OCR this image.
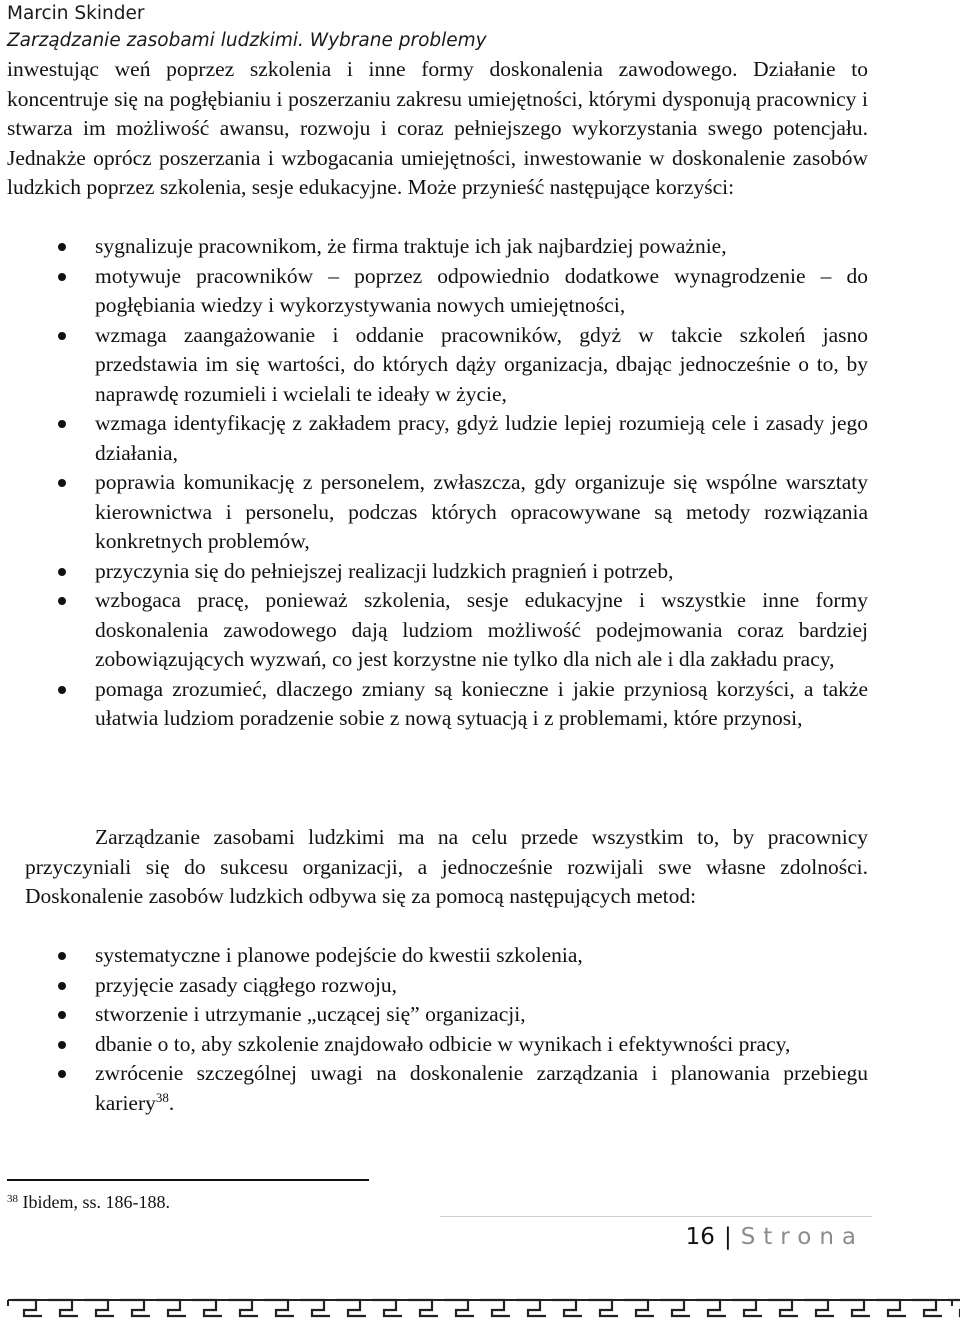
Marcin Skinder
Zarządzanie zasobami ludzkimi. Wybrane problemy

inwestując weń poprzez szkolenia i inne formy doskonalenia zawodowego. Działanie to koncentruje się na pogłębianiu i poszerzaniu zakresu umiejętności, którymi dysponują pracownicy i stwarza im możliwość awansu, rozwoju i coraz pełniejszego wykorzystania swego potencjału. Jednakże oprócz poszerzania i wzbogacania umiejętności, inwestowanie w doskonalenie zasobów ludzkich poprzez szkolenia, sesje edukacyjne. Może przynieść następujące korzyści:

sygnalizuje pracownikom, że firma traktuje ich jak najbardziej poważnie,
motywuje pracowników – poprzez odpowiednio dodatkowe wynagrodzenie – do pogłębiania wiedzy i wykorzystywania nowych umiejętności,
wzmaga zaangażowanie i oddanie pracowników, gdyż w takcie szkoleń jasno przedstawia im się wartości, do których dąży organizacja, dbając jednocześnie o to, by naprawdę rozumieli i wcielali te ideały w życie,
wzmaga identyfikację z zakładem pracy, gdyż ludzie lepiej rozumieją cele i zasady jego działania,
poprawia komunikację z personelem, zwłaszcza, gdy organizuje się wspólne warsztaty kierownictwa i personelu, podczas których opracowywane są metody rozwiązania konkretnych problemów,
przyczynia się do pełniejszej realizacji ludzkich pragnień i potrzeb,
wzbogaca pracę, ponieważ szkolenia, sesje edukacyjne i wszystkie inne formy doskonalenia zawodowego dają ludziom możliwość podejmowania coraz bardziej zobowiązujących wyzwań, co jest korzystne nie tylko dla nich ale i dla zakładu pracy,
pomaga zrozumieć, dlaczego zmiany są konieczne i jakie przyniosą korzyści, a także ułatwia ludziom poradzenie sobie z nową sytuacją i z problemami, które przynosi,

Zarządzanie zasobami ludzkimi ma na celu przede wszystkim to, by pracownicy przyczyniali się do sukcesu organizacji, a jednocześnie rozwijali swe własne zdolności. Doskonalenie zasobów ludzkich odbywa się za pomocą następujących metod:

systematyczne i planowe podejście do kwestii szkolenia,
przyjęcie zasady ciągłego rozwoju,
stworzenie i utrzymanie „uczącej się” organizacji,
dbanie o to, aby szkolenie znajdowało odbicie w wynikach i efektywności pracy,
zwrócenie szczególnej uwagi na doskonalenie zarządzania i planowania przebiegu kariery$^{38}$.
$^{38}$ Ibidem, ss. 186-188.
16 | Strona
